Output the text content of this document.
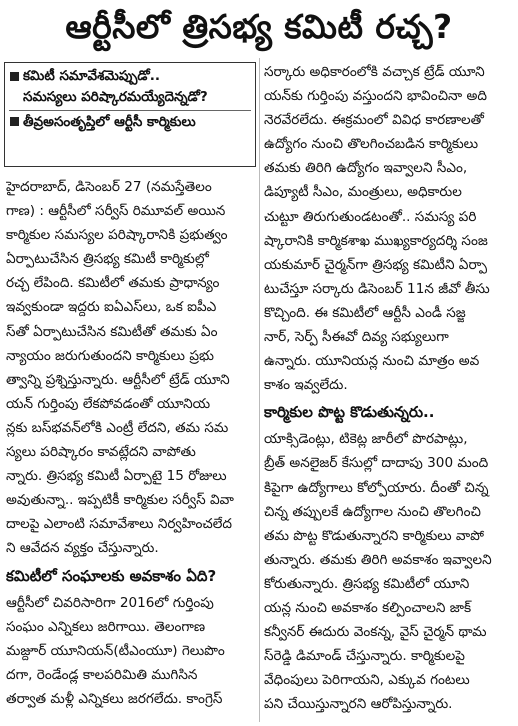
ఆర్టీసీలో త్రిసభ్య కమిటీ రచ్చ?
కమిటీ సమావేశమెప్పుడో..
సమస్యలు పరిష్కారమయ్యేదెన్నడో?
తీవ్రఅసంతృప్తిలో ఆర్టీసీ కార్మికులు

హైదరాబాద్, డిసెంబర్ 27 (నమస్తేతెలం
గాణ) : ఆర్టీసీలో సర్వీస్ రిమూవల్ అయిన
కార్మికుల సమస్యల పరిష్కారానికి ప్రభుత్వం
ఏర్పాటుచేసిన త్రిసభ్య కమిటీ కార్మికుల్లో
రచ్చ లేపింది. కమిటీలో తమకు ప్రాధాన్యం
ఇవ్వకుండా ఇద్దరు ఐఏఎస్‌లు, ఒక ఐపీఎ
స్‌తో ఏర్పాటుచేసిన కమిటీతో తమకు ఏం
న్యాయం జరుగుతుందని కార్మికులు ప్రభు
త్వాన్ని ప్రశ్నిస్తున్నారు. ఆర్టీసీలో ట్రేడ్ యూని
యన్ గుర్తింపు లేకపోవడంతో యూనియ
న్లకు బస్‌భవన్‌లోకి ఎంట్రీ లేదని, తమ సమ
స్యలు పరిష్కారం కావట్లేదని వాపోతు
న్నారు. త్రిసభ్య కమిటీ ఏర్పాటై 15 రోజులు
అవుతున్నా.. ఇప్పటికీ కార్మికుల సర్వీస్ వివా
దాలపై ఎలాంటి సమావేశాలు నిర్వహించలేద
ని ఆవేదన వ్యక్తం చేస్తున్నారు.

కమిటీలో సంఘాలకు అవకాశం ఏది?

ఆర్టీసీలో చివరిసారిగా 2016లో గుర్తింపు
సంఘం ఎన్నికలు జరిగాయి. తెలంగాణ
మజ్దూర్ యూనియన్(టీఎంయూ) గెలుపొం
దగా, రెండేండ్ల కాలపరిమితి ముగిసిన
తర్వాత మళ్లీ ఎన్నికలు జరగలేదు. కాంగ్రెస్

సర్కారు అధికారంలోకి వచ్చాక ట్రేడ్ యూని
యన్‌కు గుర్తింపు వస్తుందని భావించినా అది
నెరవేరలేదు. ఈక్రమంలో వివిధ కారణాలతో
ఉద్యోగం నుంచి తొలగించబడిన కార్మికులు
తమకు తిరిగి ఉద్యోగం ఇవ్వాలని సీఎం,
డిప్యూటీ సీఎం, మంత్రులు, అధికారుల
చుట్టూ తిరుగుతుండటంతో.. సమస్య పరి
ష్కారానికి కార్మికశాఖ ముఖ్యకార్యదర్శి సంజ
యకుమార్ చైర్మన్‌గా త్రిసభ్య కమిటీని ఏర్పా
టుచేస్తూ సర్కారు డిసెంబర్ 11న జీవో తీసు
కొచ్చింది. ఈ కమిటీలో ఆర్టీసీ ఎండీ సజ్జ
నార్, సెర్ప్ సీఈవో దివ్య సభ్యులుగా
ఉన్నారు. యూనియన్ల నుంచి మాత్రం అవ
కాశం ఇవ్వలేదు.

కార్మికుల పొట్ట కొడుతున్నరు..

యాక్సిడెంట్లు, టికెట్ల జారీలో పొరపాట్లు,
బ్రీత్ అనలైజర్ కేసుల్లో దాదాపు 300 మంది
కిపైగా ఉద్యోగాలు కోల్పోయారు. దీంతో చిన్న
చిన్న తప్పులకే ఉద్యోగాల నుంచి తొలగించి
తమ పొట్ట కొడుతున్నారని కార్మికులు వాపో
తున్నారు. తమకు తిరిగి అవకాశం ఇవ్వాలని
కోరుతున్నారు. త్రిసభ్య కమిటీలో యూని
యన్ల నుంచి అవకాశం కల్పించాలని జాక్
కన్వీనర్ ఈదురు వెంకన్న, వైస్ చైర్మన్ థామ
స్‌రెడ్డి డిమాండ్ చేస్తున్నారు. కార్మికులపై
వేధింపులు పెరిగాయని, ఎక్కువ గంటలు
పని చేయిస్తున్నారని ఆరోపిస్తున్నారు.
